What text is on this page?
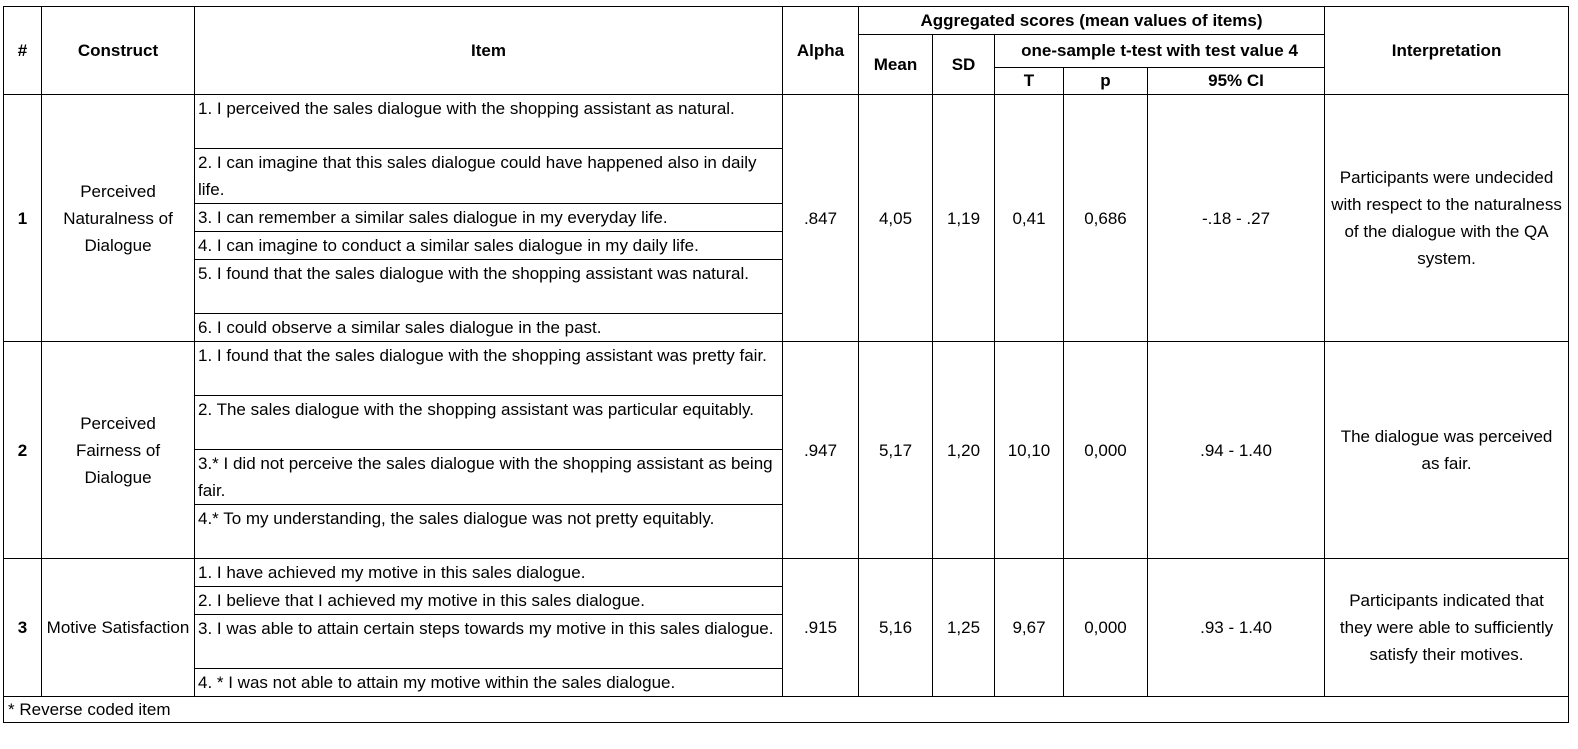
#	Construct	Item	Alpha	Aggregated scores (mean values of items)					Interpretation
				Mean	SD	one-sample t-test with test value 4			
						T	p	95% CI	
1	Perceived Naturalness of Dialogue	1. I perceived the sales dialogue with the shopping assistant as natural.	.847	4,05	1,19	0,41	0,686	-.18 - .27	Participants were undecided with respect to the naturalness of the dialogue with the QA system.
		2. I can imagine that this sales dialogue could have happened also in daily life.							
		3. I can remember a similar sales dialogue in my everyday life.							
		4. I can imagine to conduct a similar sales dialogue in my daily life.							
		5. I found that the sales dialogue with the shopping assistant was natural.							
		6. I could observe a similar sales dialogue in the past.							
2	Perceived Fairness of Dialogue	1. I found that the sales dialogue with the shopping assistant was pretty fair.	.947	5,17	1,20	10,10	0,000	.94 - 1.40	The dialogue was perceived as fair.
		2. The sales dialogue with the shopping assistant was particular equitably.							
		3.* I did not perceive the sales dialogue with the shopping assistant as being fair.							
		4.* To my understanding, the sales dialogue was not pretty equitably.							
3	Motive Satisfaction	1. I have achieved my motive in this sales dialogue.	.915	5,16	1,25	9,67	0,000	.93 - 1.40	Participants indicated that they were able to sufficiently satisfy their motives.
		2. I believe that I achieved my motive in this sales dialogue.							
		3. I was able to attain certain steps towards my motive in this sales dialogue.							
		4. * I was not able to attain my motive within the sales dialogue.							
* Reverse coded item									
